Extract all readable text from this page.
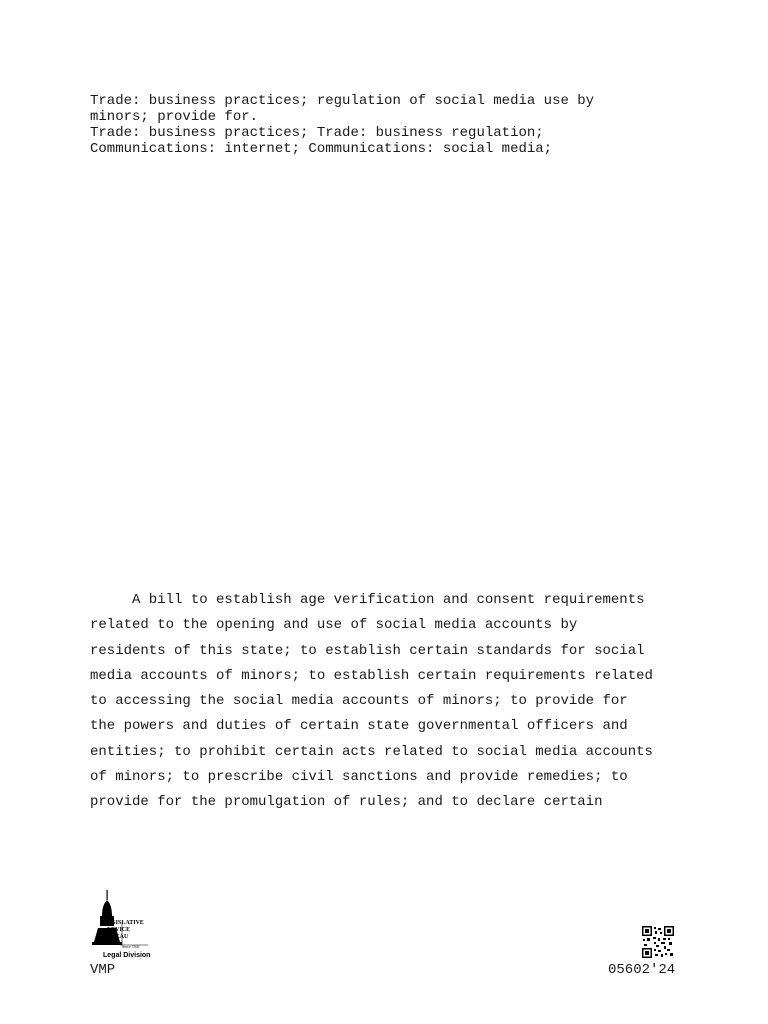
Trade: business practices; regulation of social media use by
minors; provide for.
Trade: business practices; Trade: business regulation;
Communications: internet; Communications: social media;
A bill to establish age verification and consent requirements
related to the opening and use of social media accounts by
residents of this state; to establish certain standards for social
media accounts of minors; to establish certain requirements related
to accessing the social media accounts of minors; to provide for
the powers and duties of certain state governmental officers and
entities; to prohibit certain acts related to social media accounts
of minors; to prescribe civil sanctions and provide remedies; to
provide for the promulgation of rules; and to declare certain
EGISLATIVE
ERVICE
UREAU
Since 1941
Legal Division
VMP	05602'24
